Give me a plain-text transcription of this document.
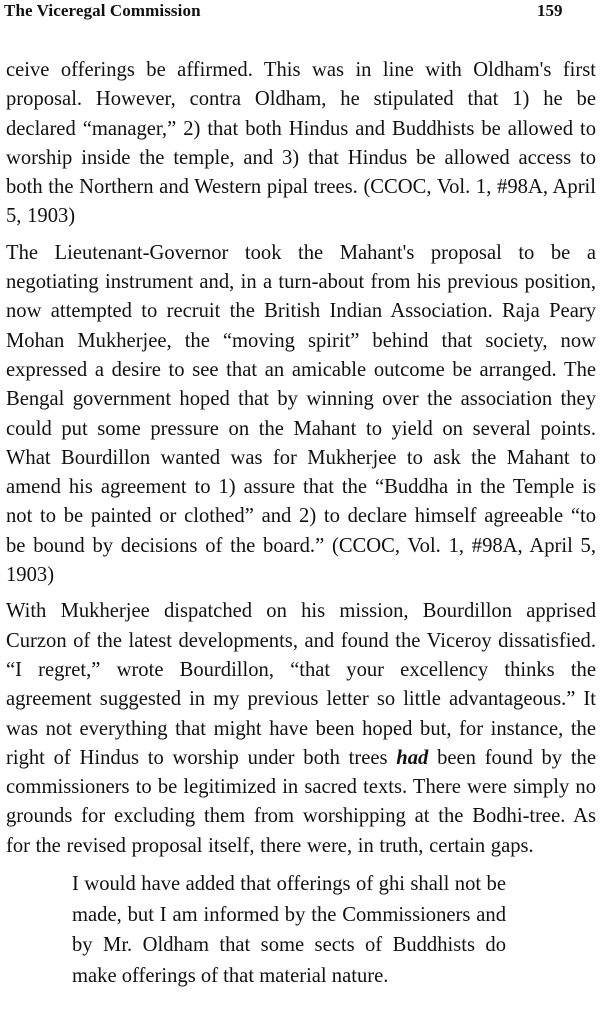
The Viceregal Commission	159

ceive offerings be affirmed. This was in line with Oldham's first proposal. However, contra Oldham, he stipulated that 1) he be declared “manager,” 2) that both Hindus and Buddhists be allowed to worship inside the temple, and 3) that Hindus be allowed access to both the Northern and Western pipal trees. (CCOC, Vol. 1, #98A, April 5, 1903)

The Lieutenant-Governor took the Mahant's proposal to be a negotiating instrument and, in a turn-about from his previous position, now attempted to recruit the British Indian Association. Raja Peary Mohan Mukherjee, the “moving spirit” behind that society, now expressed a desire to see that an amicable outcome be arranged. The Bengal government hoped that by winning over the association they could put some pressure on the Mahant to yield on several points. What Bourdillon wanted was for Mukherjee to ask the Mahant to amend his agreement to 1) assure that the “Buddha in the Temple is not to be painted or clothed” and 2) to declare himself agreeable “to be bound by decisions of the board.” (CCOC, Vol. 1, #98A, April 5, 1903)

With Mukherjee dispatched on his mission, Bourdillon apprised Curzon of the latest developments, and found the Viceroy dissatisfied. “I regret,” wrote Bourdillon, “that your excellency thinks the agreement suggested in my previous letter so little advantageous.” It was not everything that might have been hoped but, for instance, the right of Hindus to worship under both trees had been found by the commissioners to be legitimized in sacred texts. There were simply no grounds for excluding them from worshipping at the Bodhi-tree. As for the revised proposal itself, there were, in truth, certain gaps.

I would have added that offerings of ghi shall not be made, but I am informed by the Commissioners and by Mr. Oldham that some sects of Buddhists do make offerings of that material nature.
